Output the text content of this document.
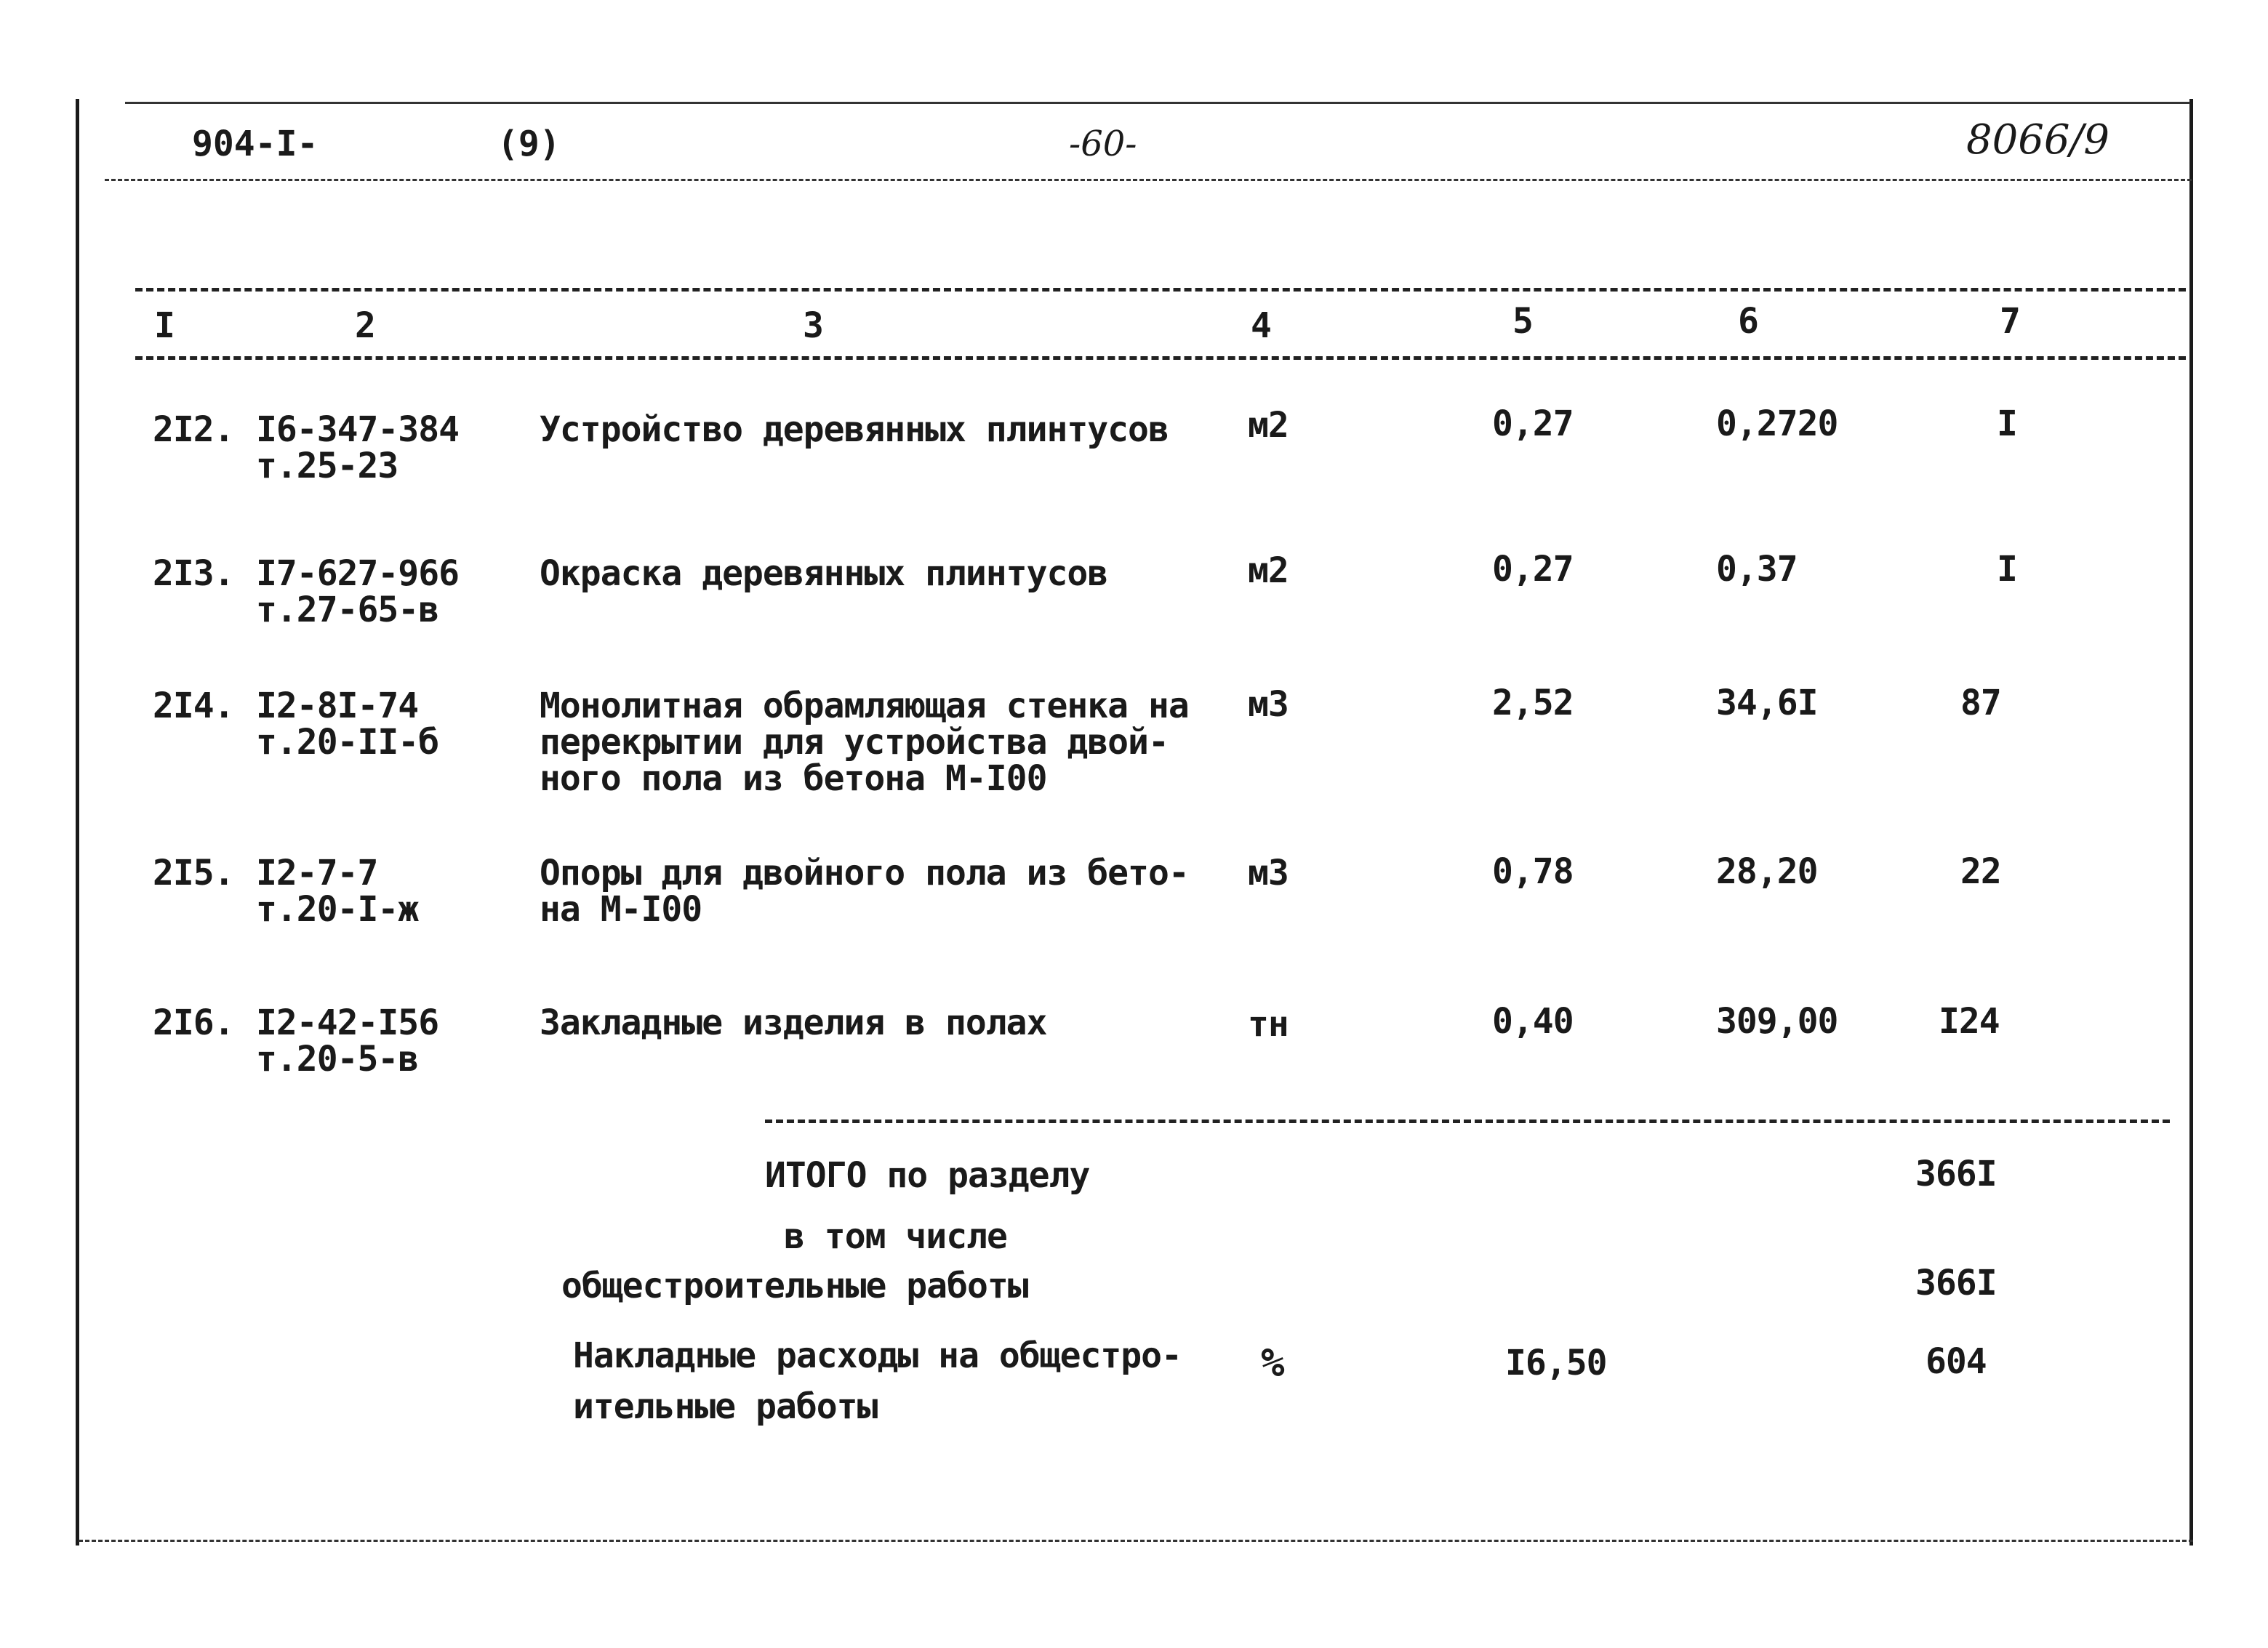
904-I-	(9)	-60-	8066/9
I	2	3	4	5	6	7
2I2. I6-347-384
т.25-23
Устройство деревянных плинтусов м2	0,27	0,2720	I
2I3. I7-627-966
т.27-65-в
Окраска деревянных плинтусов	м2	0,27	0,37	I
2I4. I2-8I-74
т.20-II-б
Монолитная обрамляющая стенка на
перекрытии для устройства двой-
ного пола из бетона М-I00
м3	2,52	34,6I	87
2I5. I2-7-7
т.20-I-ж
Опоры для двойного пола из бето-
на М-I00
м3	0,78	28,20	22
2I6. I2-42-I56
т.20-5-в
Закладные изделия в полах	тн	0,40	309,00	I24
ИТОГО по разделу	366I
в том числе
общестроительные работы	366I
Накладные расходы на общестро-
ительные работы
%	I6,50	604
